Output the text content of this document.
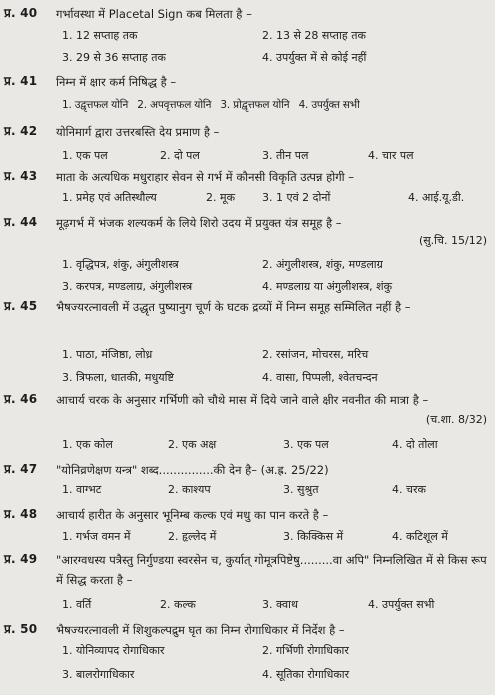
प्र. 40 गर्भावस्था में Placetal Sign कब मिलता है –
1. 12 सप्ताह तक	2. 13 से 28 सप्ताह तक
3. 29 से 36 सप्ताह तक	4. उपर्युक्त में से कोई नहीं
प्र. 41 निम्न में क्षार कर्म निषिद्ध है –
1. उद्वृत्तफल योनि 2. अपवृत्तफल योनि 3. प्रोद्वृत्तफल योनि 4. उपर्युक्त सभी
प्र. 42 योनिमार्ग द्वारा उत्तरबस्ति देय प्रमाण है –
1. एक पल	2. दो पल	3. तीन पल	4. चार पल
प्र. 43 माता के अत्यधिक मधुराहार सेवन से गर्भ में कौनसी विकृति उत्पन्न होगी –
1. प्रमेह एवं अतिस्थौल्य	2. मूक 3. 1 एवं 2 दोनों	4. आई.यू.डी.
प्र. 44 मूढ़गर्भ में भंजक शल्यकर्म के लिये शिरो उदय में प्रयुक्त यंत्र समूह है –
(सु.चि. 15/12)
1. वृद्धिपत्र, शंकु, अंगुलीशस्त्र	2. अंगुलीशस्त्र, शंकु, मण्डलाग्र
3. करपत्र, मण्डलाग्र, अंगुलीशस्त्र	4. मण्डलाग्र या अंगुलीशस्त्र, शंकु
प्र. 45 भैषज्यरत्नावली में उद्धृत पुष्यानुग चूर्ण के घटक द्रव्यों में निम्न समूह सम्मिलित नहीं है –
1. पाठा, मंजिष्ठा, लोध्र	2. रसांजन, मोचरस, मरिच
3. त्रिफला, धातकी, मधुयष्टि	4. वासा, पिप्पली, श्वेतचन्दन
प्र. 46 आचार्य चरक के अनुसार गर्भिणी को चौथे मास में दिये जाने वाले क्षीर नवनीत की मात्रा है –
(च.शा. 8/32)
1. एक कोल	2. एक अक्ष	3. एक पल	4. दो तोला
प्र. 47 "योनिव्रणेक्षण यन्त्र" शब्द...............की देन है– (अ.ह्र. 25/22)
1. वाग्भट	2. काश्यप	3. सुश्रुत	4. चरक
प्र. 48 आचार्य हारीत के अनुसार भूनिम्ब कल्क एवं मधु का पान करते है –
1. गर्भज वमन में	2. हृल्लेद में	3. किक्किस में	4. कटिशूल में
प्र. 49 "आरग्वधस्य पत्रैस्तु निर्गुण्डया स्वरसेन च, कुर्यात् गोमूत्रपिष्टेषु.........वा अपि" निम्नलिखित में से किस रूप में सिद्ध करता है –
1. वर्ति	2. कल्क	3. क्वाथ	4. उपर्युक्त सभी
प्र. 50 भैषज्यरत्नावली में शिशुकल्पद्रुम घृत का निम्न रोगाधिकार में निर्देश है –
1. योनिव्यापद रोगाधिकार	2. गर्भिणी रोगाधिकार
3. बालरोगाधिकार	4. सूतिका रोगाधिकार
